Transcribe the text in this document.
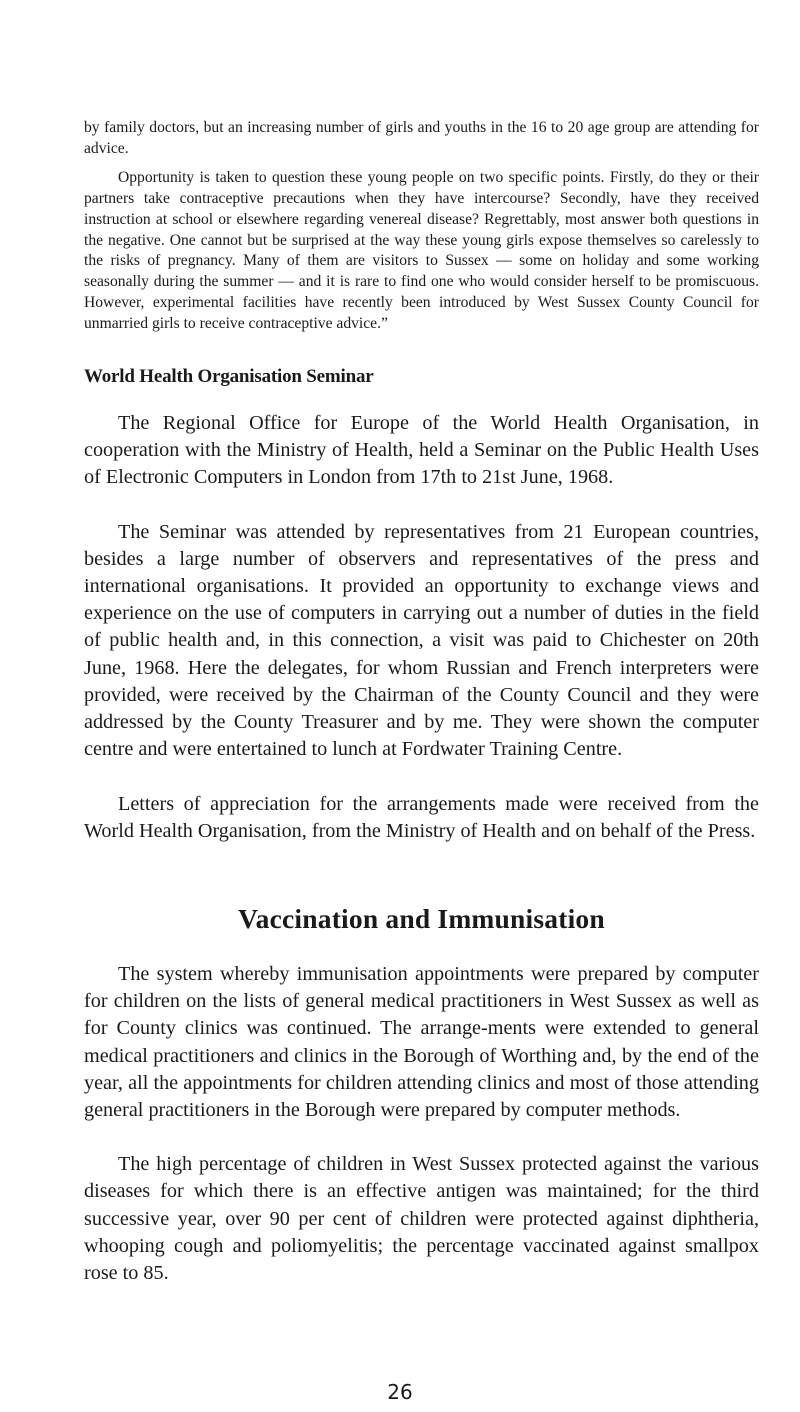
by family doctors, but an increasing number of girls and youths in the 16 to 20 age group are attending for advice.

Opportunity is taken to question these young people on two specific points. Firstly, do they or their partners take contraceptive precautions when they have intercourse? Secondly, have they received instruction at school or elsewhere regarding venereal disease? Regrettably, most answer both questions in the negative. One cannot but be surprised at the way these young girls expose themselves so carelessly to the risks of pregnancy. Many of them are visitors to Sussex — some on holiday and some working seasonally during the summer — and it is rare to find one who would consider herself to be promiscuous. However, experimental facilities have recently been introduced by West Sussex County Council for unmarried girls to receive contraceptive advice.”

World Health Organisation Seminar

The Regional Office for Europe of the World Health Organisation, in cooperation with the Ministry of Health, held a Seminar on the Public Health Uses of Electronic Computers in London from 17th to 21st June, 1968.

The Seminar was attended by representatives from 21 European countries, besides a large number of observers and representatives of the press and international organisations. It provided an opportunity to exchange views and experience on the use of computers in carrying out a number of duties in the field of public health and, in this connection, a visit was paid to Chichester on 20th June, 1968. Here the delegates, for whom Russian and French interpreters were provided, were received by the Chairman of the County Council and they were addressed by the County Treasurer and by me. They were shown the computer centre and were entertained to lunch at Fordwater Training Centre.

Letters of appreciation for the arrangements made were received from the World Health Organisation, from the Ministry of Health and on behalf of the Press.

Vaccination and Immunisation

The system whereby immunisation appointments were prepared by computer for children on the lists of general medical practitioners in West Sussex as well as for County clinics was continued. The arrange-ments were extended to general medical practitioners and clinics in the Borough of Worthing and, by the end of the year, all the appointments for children attending clinics and most of those attending general practitioners in the Borough were prepared by computer methods.

The high percentage of children in West Sussex protected against the various diseases for which there is an effective antigen was maintained; for the third successive year, over 90 per cent of children were protected against diphtheria, whooping cough and poliomyelitis; the percentage vaccinated against smallpox rose to 85.

26
